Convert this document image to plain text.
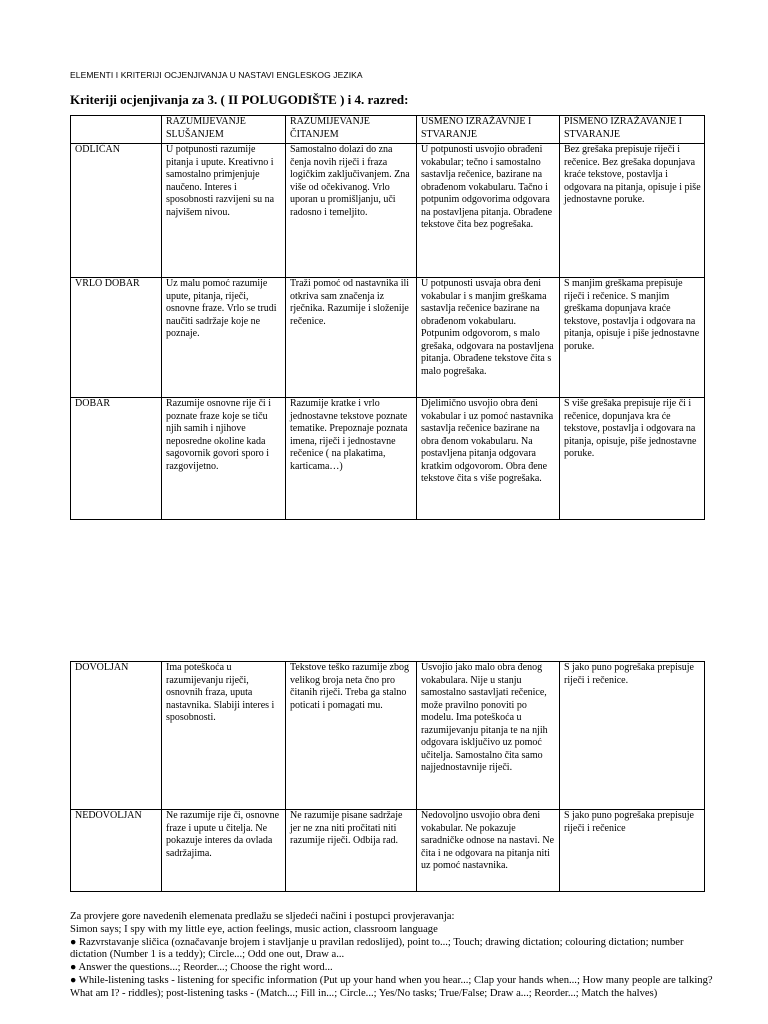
ELEMENTI I KRITERIJI OCJENJIVANJA U NASTAVI ENGLESKOG JEZIKA
Kriteriji ocjenjivanja za 3. ( II POLUGODIŠTE ) i 4. razred:
	RAZUMIJEVANJE SLUŠANJEM	RAZUMIJEVANJE ČITANJEM	USMENO IZRAŽAVNJE I STVARANJE	PISMENO IZRAŽAVANJE I STVARANJE
ODLIČAN	U potpunosti razumije pitanja i upute. Kreativno i samostalno primjenjuje naučeno. Interes i sposobnosti razvijeni su na najvišem nivou.	Samostalno dolazi do zna čenja novih riječi i fraza logičkim zaključivanjem. Zna više od očekivanog. Vrlo uporan u promišljanju, uči radosno i temeljito.	U potpunosti usvojio obrađeni vokabular; tečno i samostalno sastavlja rečenice, bazirane na obrađenom vokabularu. Tačno i potpunim odgovorima odgovara na postavljena pitanja. Obrađene tekstove čita bez pogrešaka.	Bez grešaka prepisuje riječi i rečenice. Bez grešaka dopunjava kraće tekstove, postavlja i odgovara na pitanja, opisuje i piše jednostavne poruke.
VRLO DOBAR	Uz malu pomoć razumije upute, pitanja, riječi, osnovne fraze. Vrlo se trudi naučiti sadržaje koje ne poznaje.	Traži pomoć od nastavnika ili otkriva sam značenja iz rječnika. Razumije i složenije rečenice.	U potpunosti usvaja obra đeni vokabular i s manjim greškama sastavlja rečenice bazirane na obrađenom vokabularu. Potpunim odgovorom, s malo grešaka, odgovara na postavljena pitanja. Obrađene tekstove čita s malo pogrešaka.	S manjim greškama prepisuje riječi i rečenice. S manjim greškama dopunjava kraće tekstove, postavlja i odgovara na pitanja, opisuje i piše jednostavne poruke.
DOBAR	Razumije osnovne rije či i poznate fraze koje se tiču njih samih i njihove neposredne okoline kada sagovornik govori sporo i razgovijetno.	Razumije kratke i vrlo jednostavne tekstove poznate tematike. Prepoznaje poznata imena, riječi i jednostavne rečenice ( na plakatima, karticama…)	Djelimično usvojio obra đeni vokabular i uz pomoć nastavnika sastavlja rečenice bazirane na obra đenom vokabularu. Na postavljena pitanja odgovara kratkim odgovorom. Obra đene tekstove čita s više pogrešaka.	S više grešaka prepisuje rije či i rečenice, dopunjava kra će tekstove, postavlja i odgovara na pitanja, opisuje, piše jednostavne poruke.
DOVOLJAN	Ima poteškoća u razumijevanju riječi, osnovnih fraza, uputa nastavnika. Slabiji interes i sposobnosti.	Tekstove teško razumije zbog velikog broja neta čno pro čitanih riječi. Treba ga stalno poticati i pomagati mu.	Usvojio jako malo obra đenog vokabulara. Nije u stanju samostalno sastavljati rečenice, može pravilno ponoviti po modelu. Ima poteškoća u razumijevanju pitanja te na njih odgovara isključivo uz pomoć učitelja. Samostalno čita samo najjednostavnije riječi.	S jako puno pogrešaka prepisuje riječi i rečenice.
NEDOVOLJAN	Ne razumije rije či, osnovne fraze i upute u čitelja. Ne pokazuje interes da ovlada sadržajima.	Ne razumije pisane sadržaje jer ne zna niti pročitati niti razumije riječi. Odbija rad.	Nedovoljno usvojio obra đeni vokabular. Ne pokazuje saradničke odnose na nastavi. Ne čita i ne odgovara na pitanja niti uz pomoć nastavnika.	S jako puno pogrešaka prepisuje riječi i rečenice

Za provjere gore navedenih elemenata predlažu se sljedeći načini i postupci provjeravanja:

Simon says; I spy with my little eye, action feelings, music action, classroom language

● Razvrstavanje sličica (označavanje brojem i stavljanje u pravilan redoslijed), point to...; Touch; drawing dictation; colouring dictation; number dictation (Number 1 is a teddy); Circle...; Odd one out, Draw a...

● Answer the questions...; Reorder...; Choose the right word...

● While-listening tasks - listening for specific information (Put up your hand when you hear...; Clap your hands when...; How many people are talking? What am I? - riddles); post-listening tasks - (Match...; Fill in...; Circle...; Yes/No tasks; True/False; Draw a...; Reorder...; Match the halves)
